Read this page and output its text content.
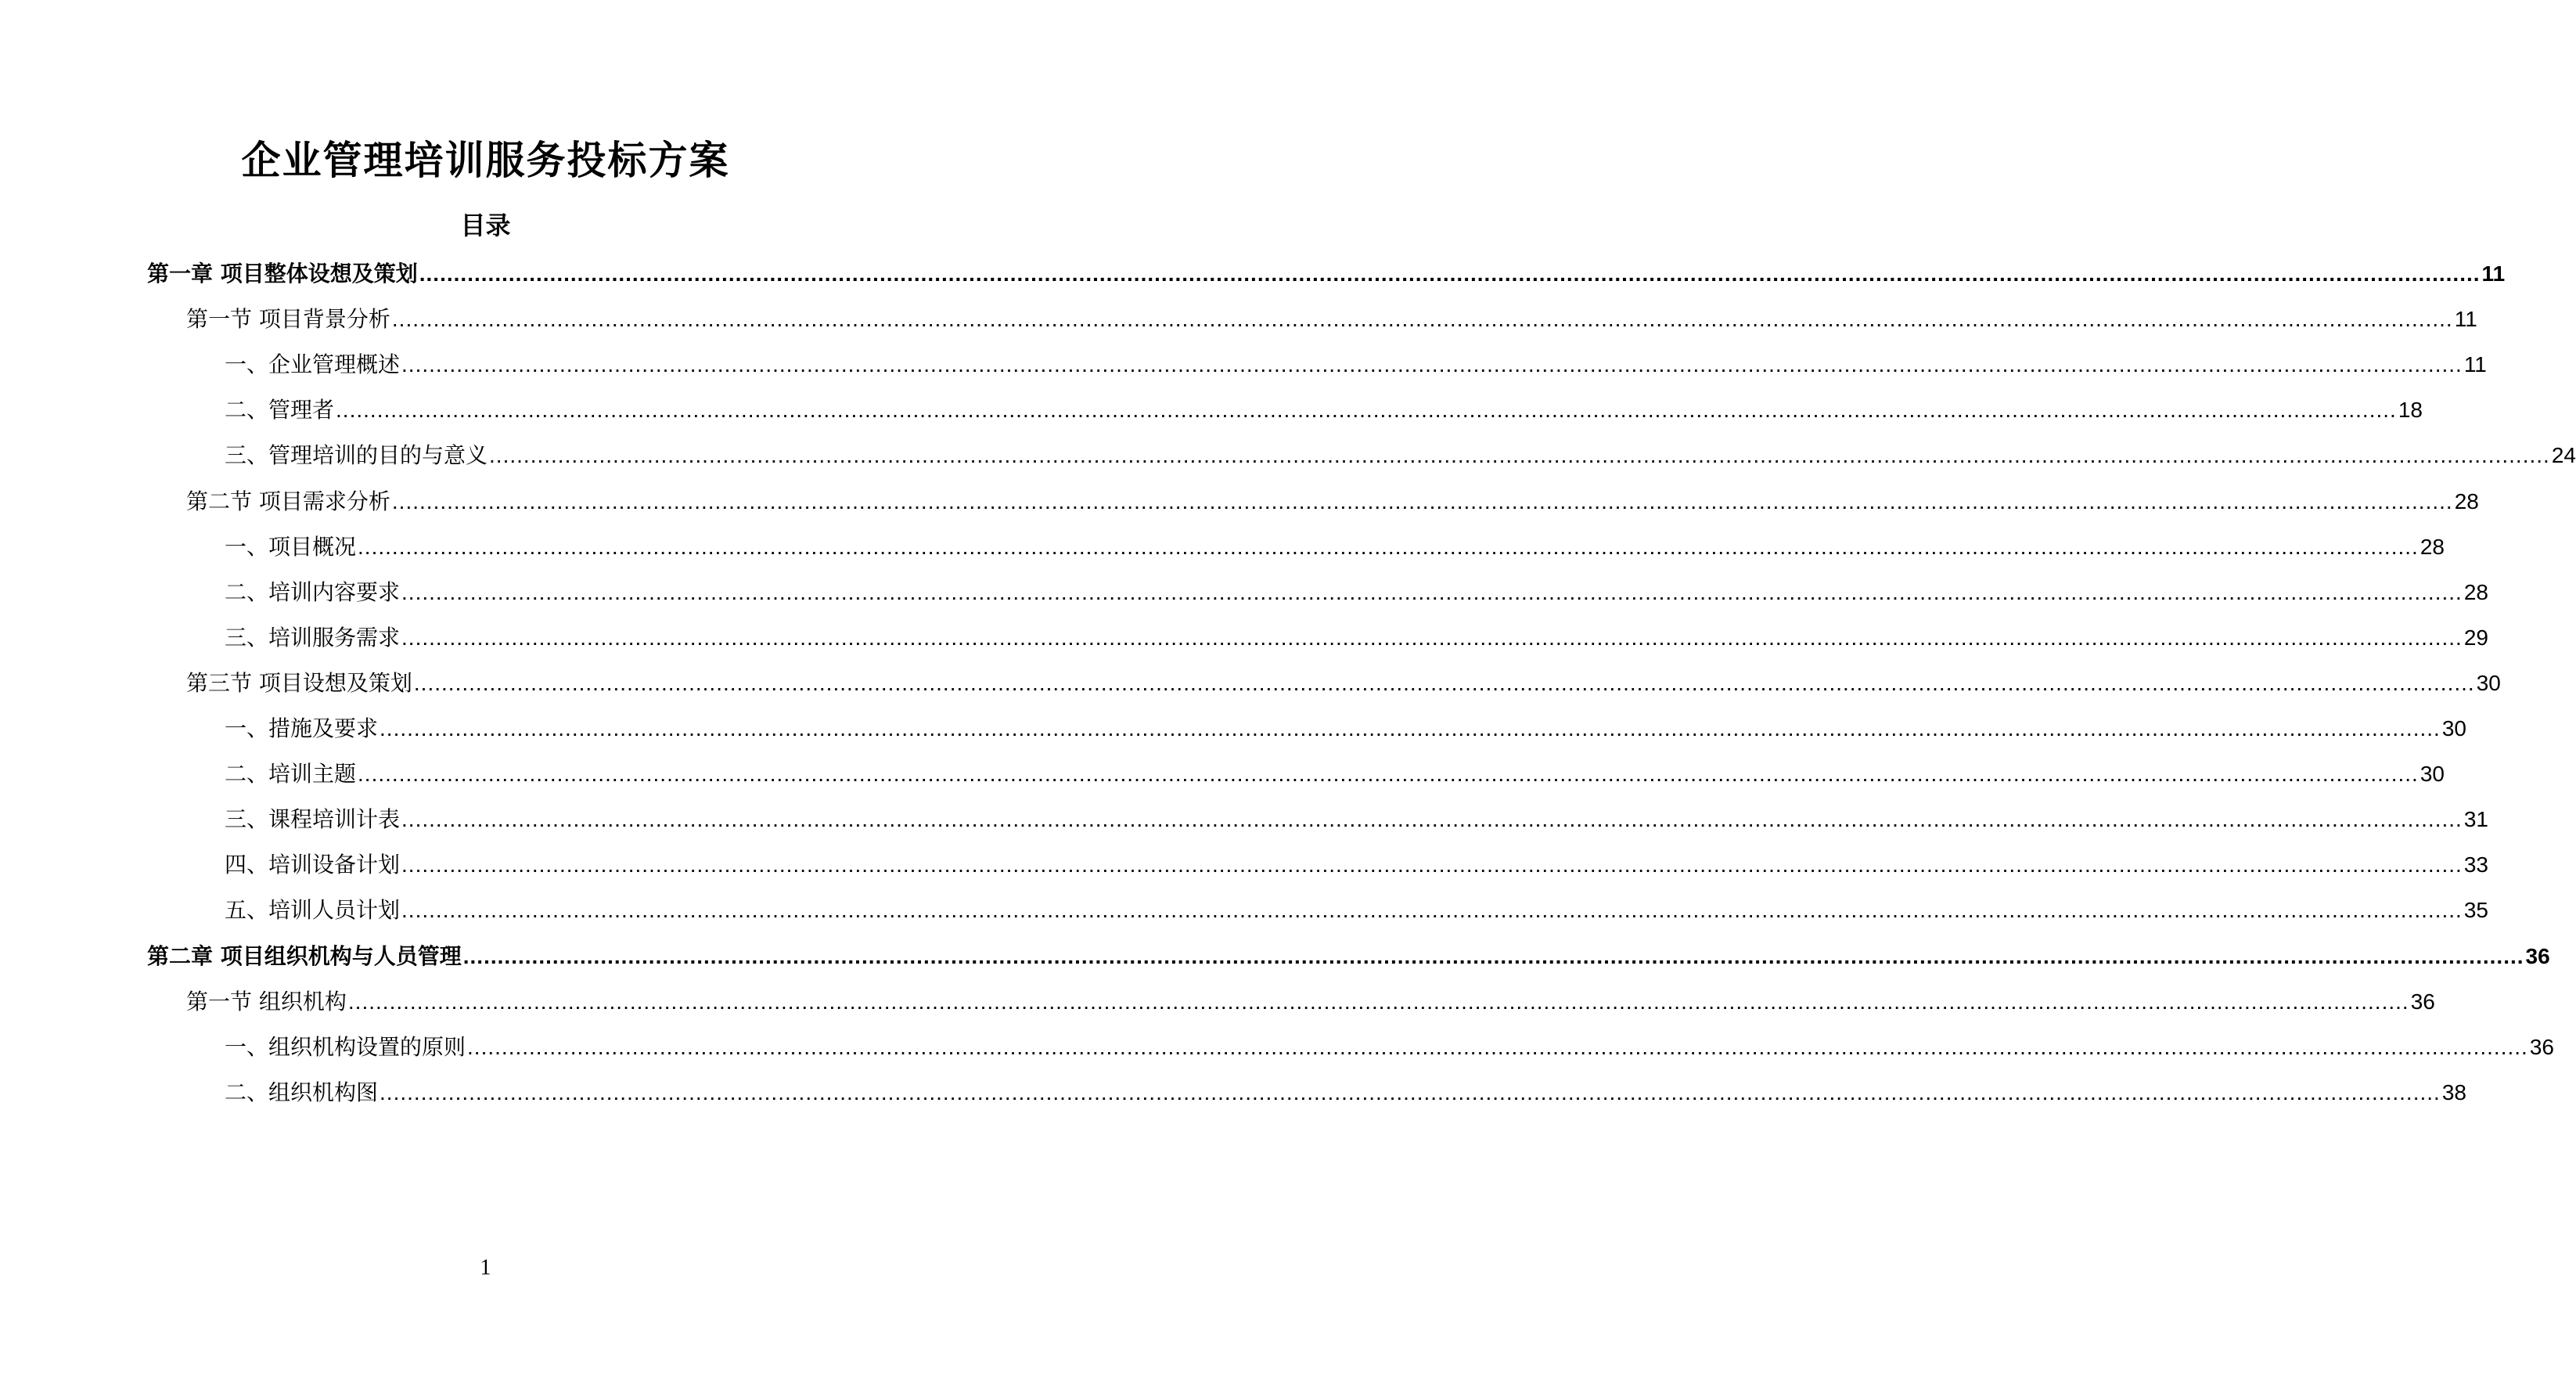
企业管理培训服务投标方案
目录
第一章 项目整体设想及策划 ............................................................................................................................................................................................................................................................................................................ 11
第一节 项目背景分析 ............................................................................................................................................................................................................................................................................................................ 11
一、企业管理概述 ............................................................................................................................................................................................................................................................................................................ 11
二、管理者 ............................................................................................................................................................................................................................................................................................................ 18
三、管理培训的目的与意义 ............................................................................................................................................................................................................................................................................................................ 24
第二节 项目需求分析 ............................................................................................................................................................................................................................................................................................................ 28
一、项目概况 ............................................................................................................................................................................................................................................................................................................ 28
二、培训内容要求 ............................................................................................................................................................................................................................................................................................................ 28
三、培训服务需求 ............................................................................................................................................................................................................................................................................................................ 29
第三节 项目设想及策划 ............................................................................................................................................................................................................................................................................................................ 30
一、措施及要求 ............................................................................................................................................................................................................................................................................................................ 30
二、培训主题 ............................................................................................................................................................................................................................................................................................................ 30
三、课程培训计表 ............................................................................................................................................................................................................................................................................................................ 31
四、培训设备计划 ............................................................................................................................................................................................................................................................................................................ 33
五、培训人员计划 ............................................................................................................................................................................................................................................................................................................ 35
第二章 项目组织机构与人员管理 ............................................................................................................................................................................................................................................................................................................ 36
第一节 组织机构 ............................................................................................................................................................................................................................................................................................................ 36
一、组织机构设置的原则 ............................................................................................................................................................................................................................................................................................................ 36
二、组织机构图 ............................................................................................................................................................................................................................................................................................................ 38
1
